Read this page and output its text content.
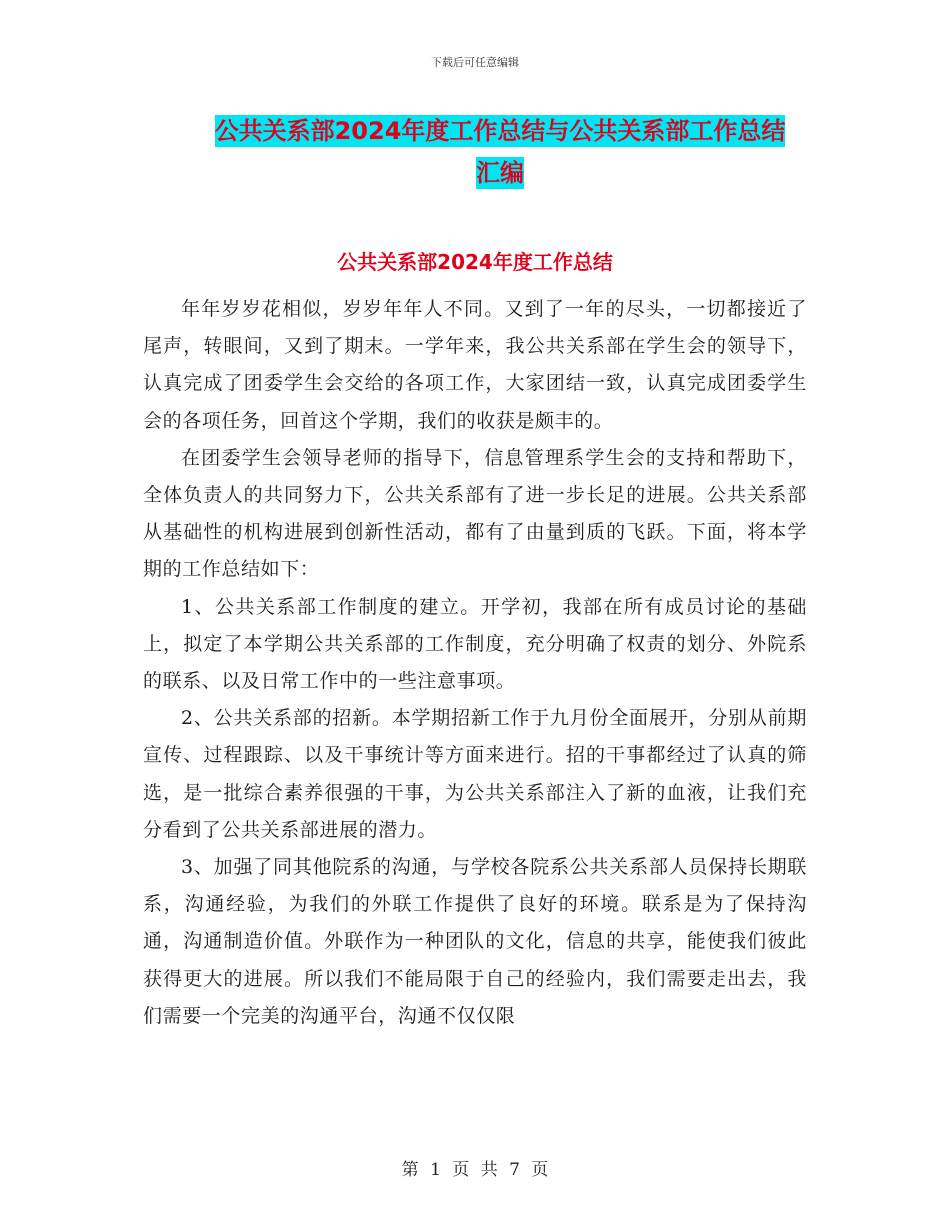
下载后可任意编辑
公共关系部2024年度工作总结与公共关系部工作总结
汇编
公共关系部2024年度工作总结

年年岁岁花相似，岁岁年年人不同。又到了一年的尽头，一切都接近了尾声，转眼间，又到了期末。一学年来，我公共关系部在学生会的领导下，认真完成了团委学生会交给的各项工作，大家团结一致，认真完成团委学生会的各项任务，回首这个学期，我们的收获是颇丰的。

在团委学生会领导老师的指导下，信息管理系学生会的支持和帮助下，全体负责人的共同努力下，公共关系部有了进一步长足的进展。公共关系部从基础性的机构进展到创新性活动，都有了由量到质的飞跃。下面，将本学期的工作总结如下：

1、公共关系部工作制度的建立。开学初，我部在所有成员讨论的基础上，拟定了本学期公共关系部的工作制度，充分明确了权责的划分、外院系的联系、以及日常工作中的一些注意事项。

2、公共关系部的招新。本学期招新工作于九月份全面展开，分别从前期宣传、过程跟踪、以及干事统计等方面来进行。招的干事都经过了认真的筛选，是一批综合素养很强的干事，为公共关系部注入了新的血液，让我们充分看到了公共关系部进展的潜力。

3、加强了同其他院系的沟通，与学校各院系公共关系部人员保持长期联系，沟通经验，为我们的外联工作提供了良好的环境。联系是为了保持沟通，沟通制造价值。外联作为一种团队的文化，信息的共享，能使我们彼此获得更大的进展。所以我们不能局限于自己的经验内，我们需要走出去，我们需要一个完美的沟通平台，沟通不仅仅限

第 1 页 共 7 页
